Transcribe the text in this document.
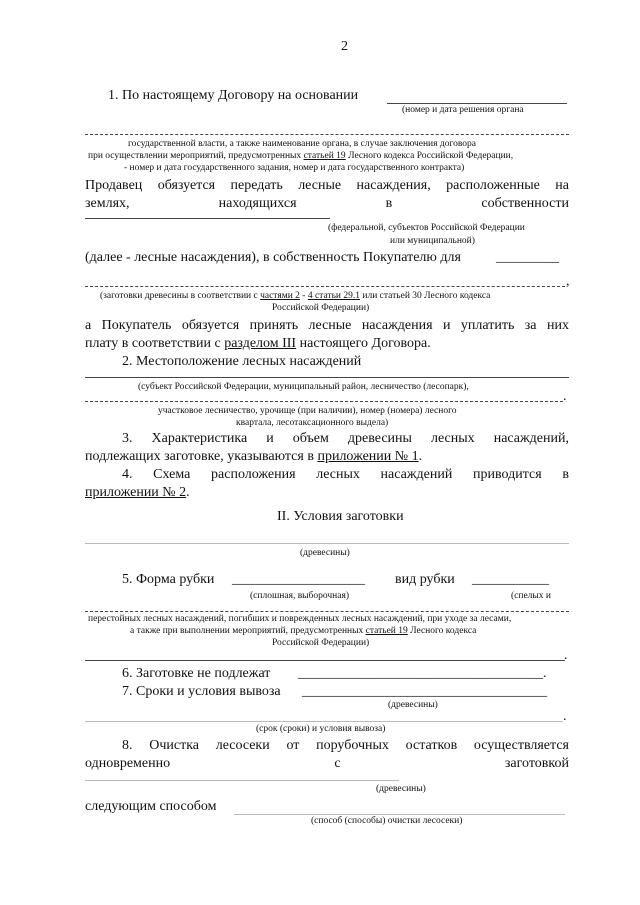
2
1. По настоящему Договору на основании
(номер и дата решения органа
государственной власти, а также наименование органа, в случае заключения договора
при осуществлении мероприятий, предусмотренных статьей 19 Лесного кодекса Российской Федерации,
- номер и дата государственного задания, номер и дата государственного контракта)
Продавец обязуется передать лесные насаждения, расположенные на
землях,	находящихся	в	собственности
(федеральной, субъектов Российской Федерации
или муниципальной)
(далее - лесные насаждения), в собственность Покупателю для	_________
,
(заготовки древесины в соответствии с частями 2 - 4 статьи 29.1 или статьей 30 Лесного кодекса
Российской Федерации)
а Покупатель обязуется принять лесные насаждения и уплатить за них
плату в соответствии с разделом III настоящего Договора.
2. Местоположение лесных насаждений
(субъект Российской Федерации, муниципальный район, лесничество (лесопарк),
.
участковое лесничество, урочище (при наличии), номер (номера) лесного
квартала, лесотаксационного выдела)
3. Характеристика и объем древесины лесных насаждений,
подлежащих заготовке, указываются в приложении № 1.
4. Схема расположения лесных насаждений приводится в
приложении № 2.
II. Условия заготовки
(древесины)
5. Форма рубки ___________________ вид рубки ___________
(сплошная, выборочная)	(спелых и
перестойных лесных насаждений, погибших и поврежденных лесных насаждений, при уходе за лесами,
а также при выполнении мероприятий, предусмотренных статьей 19 Лесного кодекса
Российской Федерации)
.
6. Заготовке не подлежат ___________________________________.
7. Сроки и условия вывоза ___________________________________
(древесины)
.
(срок (сроки) и условия вывоза)
8. Очистка лесосеки от порубочных остатков осуществляется
одновременно	с	заготовкой
(древесины)
следующим способом
(способ (способы) очистки лесосеки)
